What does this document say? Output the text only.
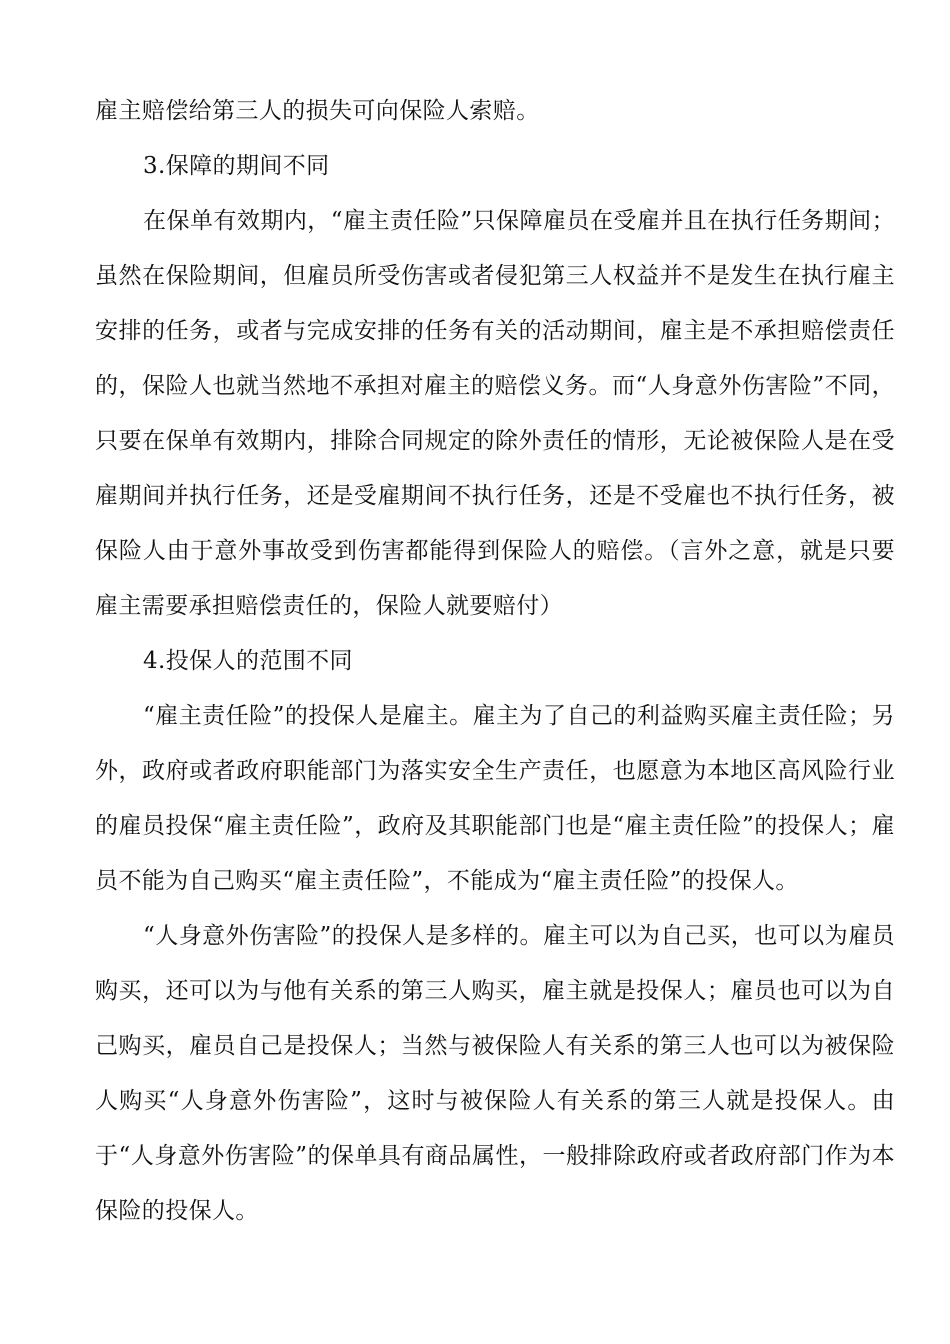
雇主赔偿给第三人的损失可向保险人索赔。

3.保障的期间不同

在保单有效期内，“雇主责任险”只保障雇员在受雇并且在执行任务期间；虽然在保险期间，但雇员所受伤害或者侵犯第三人权益并不是发生在执行雇主安排的任务，或者与完成安排的任务有关的活动期间，雇主是不承担赔偿责任的，保险人也就当然地不承担对雇主的赔偿义务。而“人身意外伤害险”不同，只要在保单有效期内，排除合同规定的除外责任的情形，无论被保险人是在受雇期间并执行任务，还是受雇期间不执行任务，还是不受雇也不执行任务，被保险人由于意外事故受到伤害都能得到保险人的赔偿。（言外之意，就是只要雇主需要承担赔偿责任的，保险人就要赔付）

4.投保人的范围不同

“雇主责任险”的投保人是雇主。雇主为了自己的利益购买雇主责任险；另外，政府或者政府职能部门为落实安全生产责任，也愿意为本地区高风险行业的雇员投保“雇主责任险”，政府及其职能部门也是“雇主责任险”的投保人；雇员不能为自己购买“雇主责任险”，不能成为“雇主责任险”的投保人。

“人身意外伤害险”的投保人是多样的。雇主可以为自己买，也可以为雇员购买，还可以为与他有关系的第三人购买，雇主就是投保人；雇员也可以为自己购买，雇员自己是投保人；当然与被保险人有关系的第三人也可以为被保险人购买“人身意外伤害险”，这时与被保险人有关系的第三人就是投保人。由于“人身意外伤害险”的保单具有商品属性，一般排除政府或者政府部门作为本保险的投保人。
